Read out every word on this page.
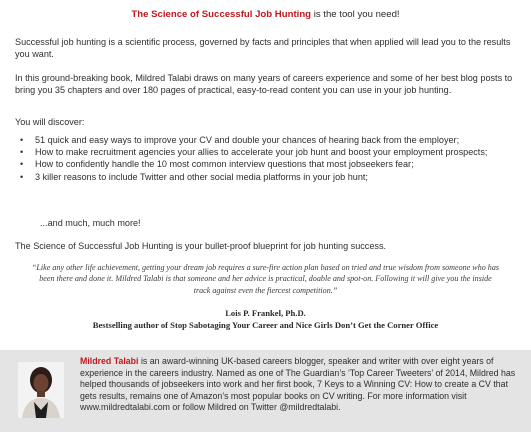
The Science of Successful Job Hunting is the tool you need!

Successful job hunting is a scientific process, governed by facts and principles that when applied will lead you to the results you want.

In this ground-breaking book, Mildred Talabi draws on many years of careers experience and some of her best blog posts to bring you 35 chapters and over 180 pages of practical, easy-to-read content you can use in your job hunting.

You will discover:

• 51 quick and easy ways to improve your CV and double your chances of hearing back from the employer;
• How to make recruitment agencies your allies to accelerate your job hunt and boost your employment prospects;
• How to confidently handle the 10 most common interview questions that most jobseekers fear;
• 3 killer reasons to include Twitter and other social media platforms in your job hunt;

...and much, much more!

The Science of Successful Job Hunting is your bullet-proof blueprint for job hunting success.

“Like any other life achievement, getting your dream job requires a sure-fire action plan based on tried and true wisdom from someone who has been there and done it. Mildred Talabi is that someone and her advice is practical, doable and spot-on. Following it will give you the inside track against even the fiercest competition.”

Lois P. Frankel, Ph.D.

Bestselling author of Stop Sabotaging Your Career and Nice Girls Don’t Get the Corner Office

Mildred Talabi is an award-winning UK-based careers blogger, speaker and writer with over eight years of experience in the careers industry. Named as one of The Guardian’s ‘Top Career Tweeters’ of 2014, Mildred has helped thousands of jobseekers into work and her first book, 7 Keys to a Winning CV: How to create a CV that gets results, remains one of Amazon’s most popular books on CV writing. For more information visit www.mildredtalabi.com or follow Mildred on Twitter @mildredtalabi.
